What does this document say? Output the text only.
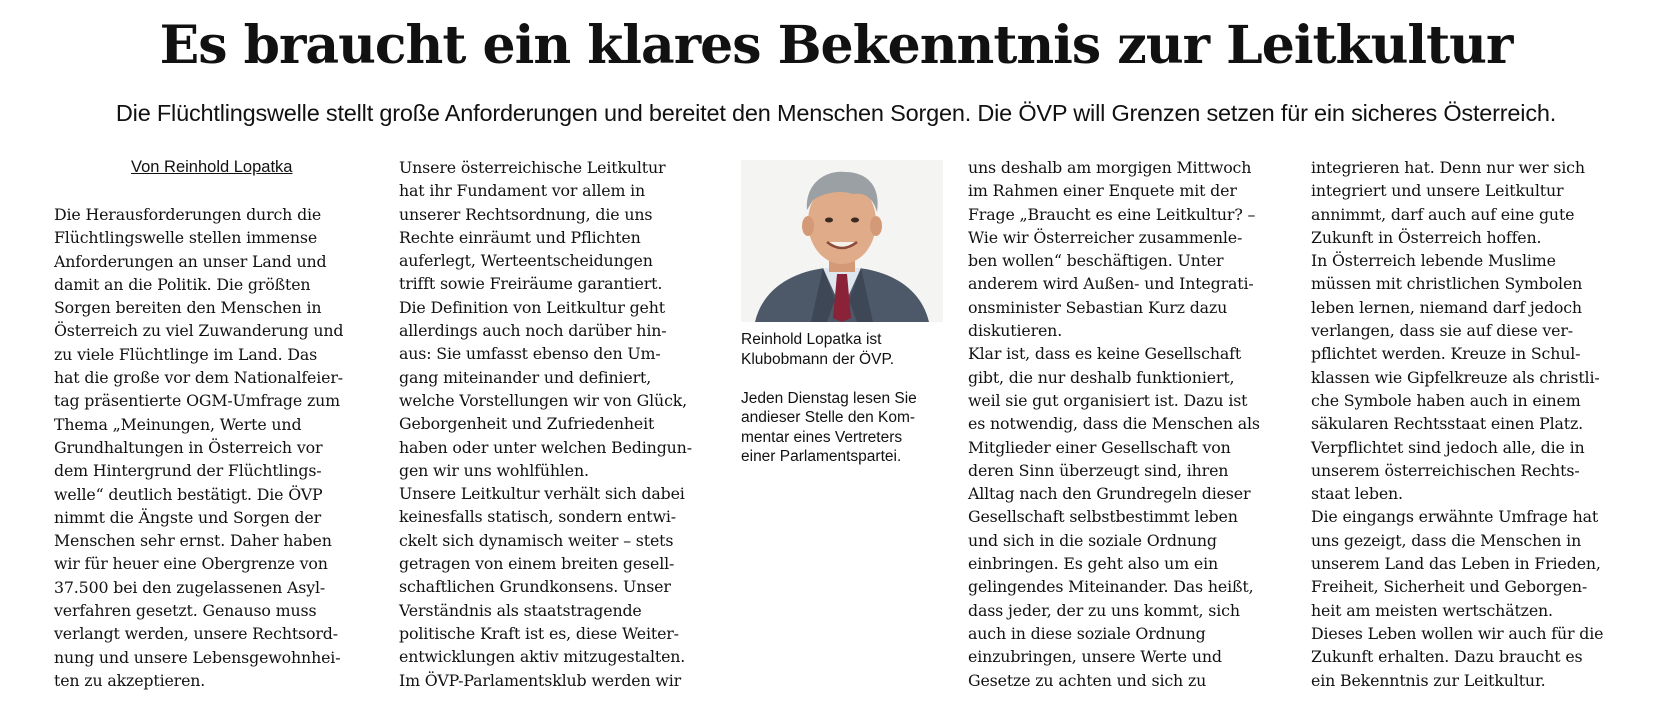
Es braucht ein klares Bekenntnis zur Leitkultur

Die Flüchtlingswelle stellt große Anforderungen und bereitet den Menschen Sorgen. Die ÖVP will Grenzen setzen für ein sicheres Österreich.

Von Reinhold Lopatka
Die Herausforderungen durch die
Flüchtlingswelle stellen immense
Anforderungen an unser Land und
damit an die Politik. Die größten
Sorgen bereiten den Menschen in
Österreich zu viel Zuwanderung und
zu viele Flüchtlinge im Land. Das
hat die große vor dem Nationalfeier-
tag präsentierte OGM-Umfrage zum
Thema „Meinungen, Werte und
Grundhaltungen in Österreich vor
dem Hintergrund der Flüchtlings-
welle“ deutlich bestätigt. Die ÖVP
nimmt die Ängste und Sorgen der
Menschen sehr ernst. Daher haben
wir für heuer eine Obergrenze von
37.500 bei den zugelassenen Asyl-
verfahren gesetzt. Genauso muss
verlangt werden, unsere Rechtsord-
nung und unsere Lebensgewohnhei-
ten zu akzeptieren.
Unsere österreichische Leitkultur
hat ihr Fundament vor allem in
unserer Rechtsordnung, die uns
Rechte einräumt und Pflichten
auferlegt, Werteentscheidungen
trifft sowie Freiräume garantiert.
Die Definition von Leitkultur geht
allerdings auch noch darüber hin-
aus: Sie umfasst ebenso den Um-
gang miteinander und definiert,
welche Vorstellungen wir von Glück,
Geborgenheit und Zufriedenheit
haben oder unter welchen Bedingun-
gen wir uns wohlfühlen.
Unsere Leitkultur verhält sich dabei
keinesfalls statisch, sondern entwi-
ckelt sich dynamisch weiter – stets
getragen von einem breiten gesell-
schaftlichen Grundkonsens. Unser
Verständnis als staatstragende
politische Kraft ist es, diese Weiter-
entwicklungen aktiv mitzugestalten.
Im ÖVP-Parlamentsklub werden wir
Reinhold Lopatka ist
Klubobmann der ÖVP.
Jeden Dienstag lesen Sie
andieser Stelle den Kom-
mentar eines Vertreters
einer Parlamentspartei.
uns deshalb am morgigen Mittwoch
im Rahmen einer Enquete mit der
Frage „Braucht es eine Leitkultur? –
Wie wir Österreicher zusammenle-
ben wollen“ beschäftigen. Unter
anderem wird Außen- und Integrati-
onsminister Sebastian Kurz dazu
diskutieren.
Klar ist, dass es keine Gesellschaft
gibt, die nur deshalb funktioniert,
weil sie gut organisiert ist. Dazu ist
es notwendig, dass die Menschen als
Mitglieder einer Gesellschaft von
deren Sinn überzeugt sind, ihren
Alltag nach den Grundregeln dieser
Gesellschaft selbstbestimmt leben
und sich in die soziale Ordnung
einbringen. Es geht also um ein
gelingendes Miteinander. Das heißt,
dass jeder, der zu uns kommt, sich
auch in diese soziale Ordnung
einzubringen, unsere Werte und
Gesetze zu achten und sich zu
integrieren hat. Denn nur wer sich
integriert und unsere Leitkultur
annimmt, darf auch auf eine gute
Zukunft in Österreich hoffen.
In Österreich lebende Muslime
müssen mit christlichen Symbolen
leben lernen, niemand darf jedoch
verlangen, dass sie auf diese ver-
pflichtet werden. Kreuze in Schul-
klassen wie Gipfelkreuze als christli-
che Symbole haben auch in einem
säkularen Rechtsstaat einen Platz.
Verpflichtet sind jedoch alle, die in
unserem österreichischen Rechts-
staat leben.
Die eingangs erwähnte Umfrage hat
uns gezeigt, dass die Menschen in
unserem Land das Leben in Frieden,
Freiheit, Sicherheit und Geborgen-
heit am meisten wertschätzen.
Dieses Leben wollen wir auch für die
Zukunft erhalten. Dazu braucht es
ein Bekenntnis zur Leitkultur.
